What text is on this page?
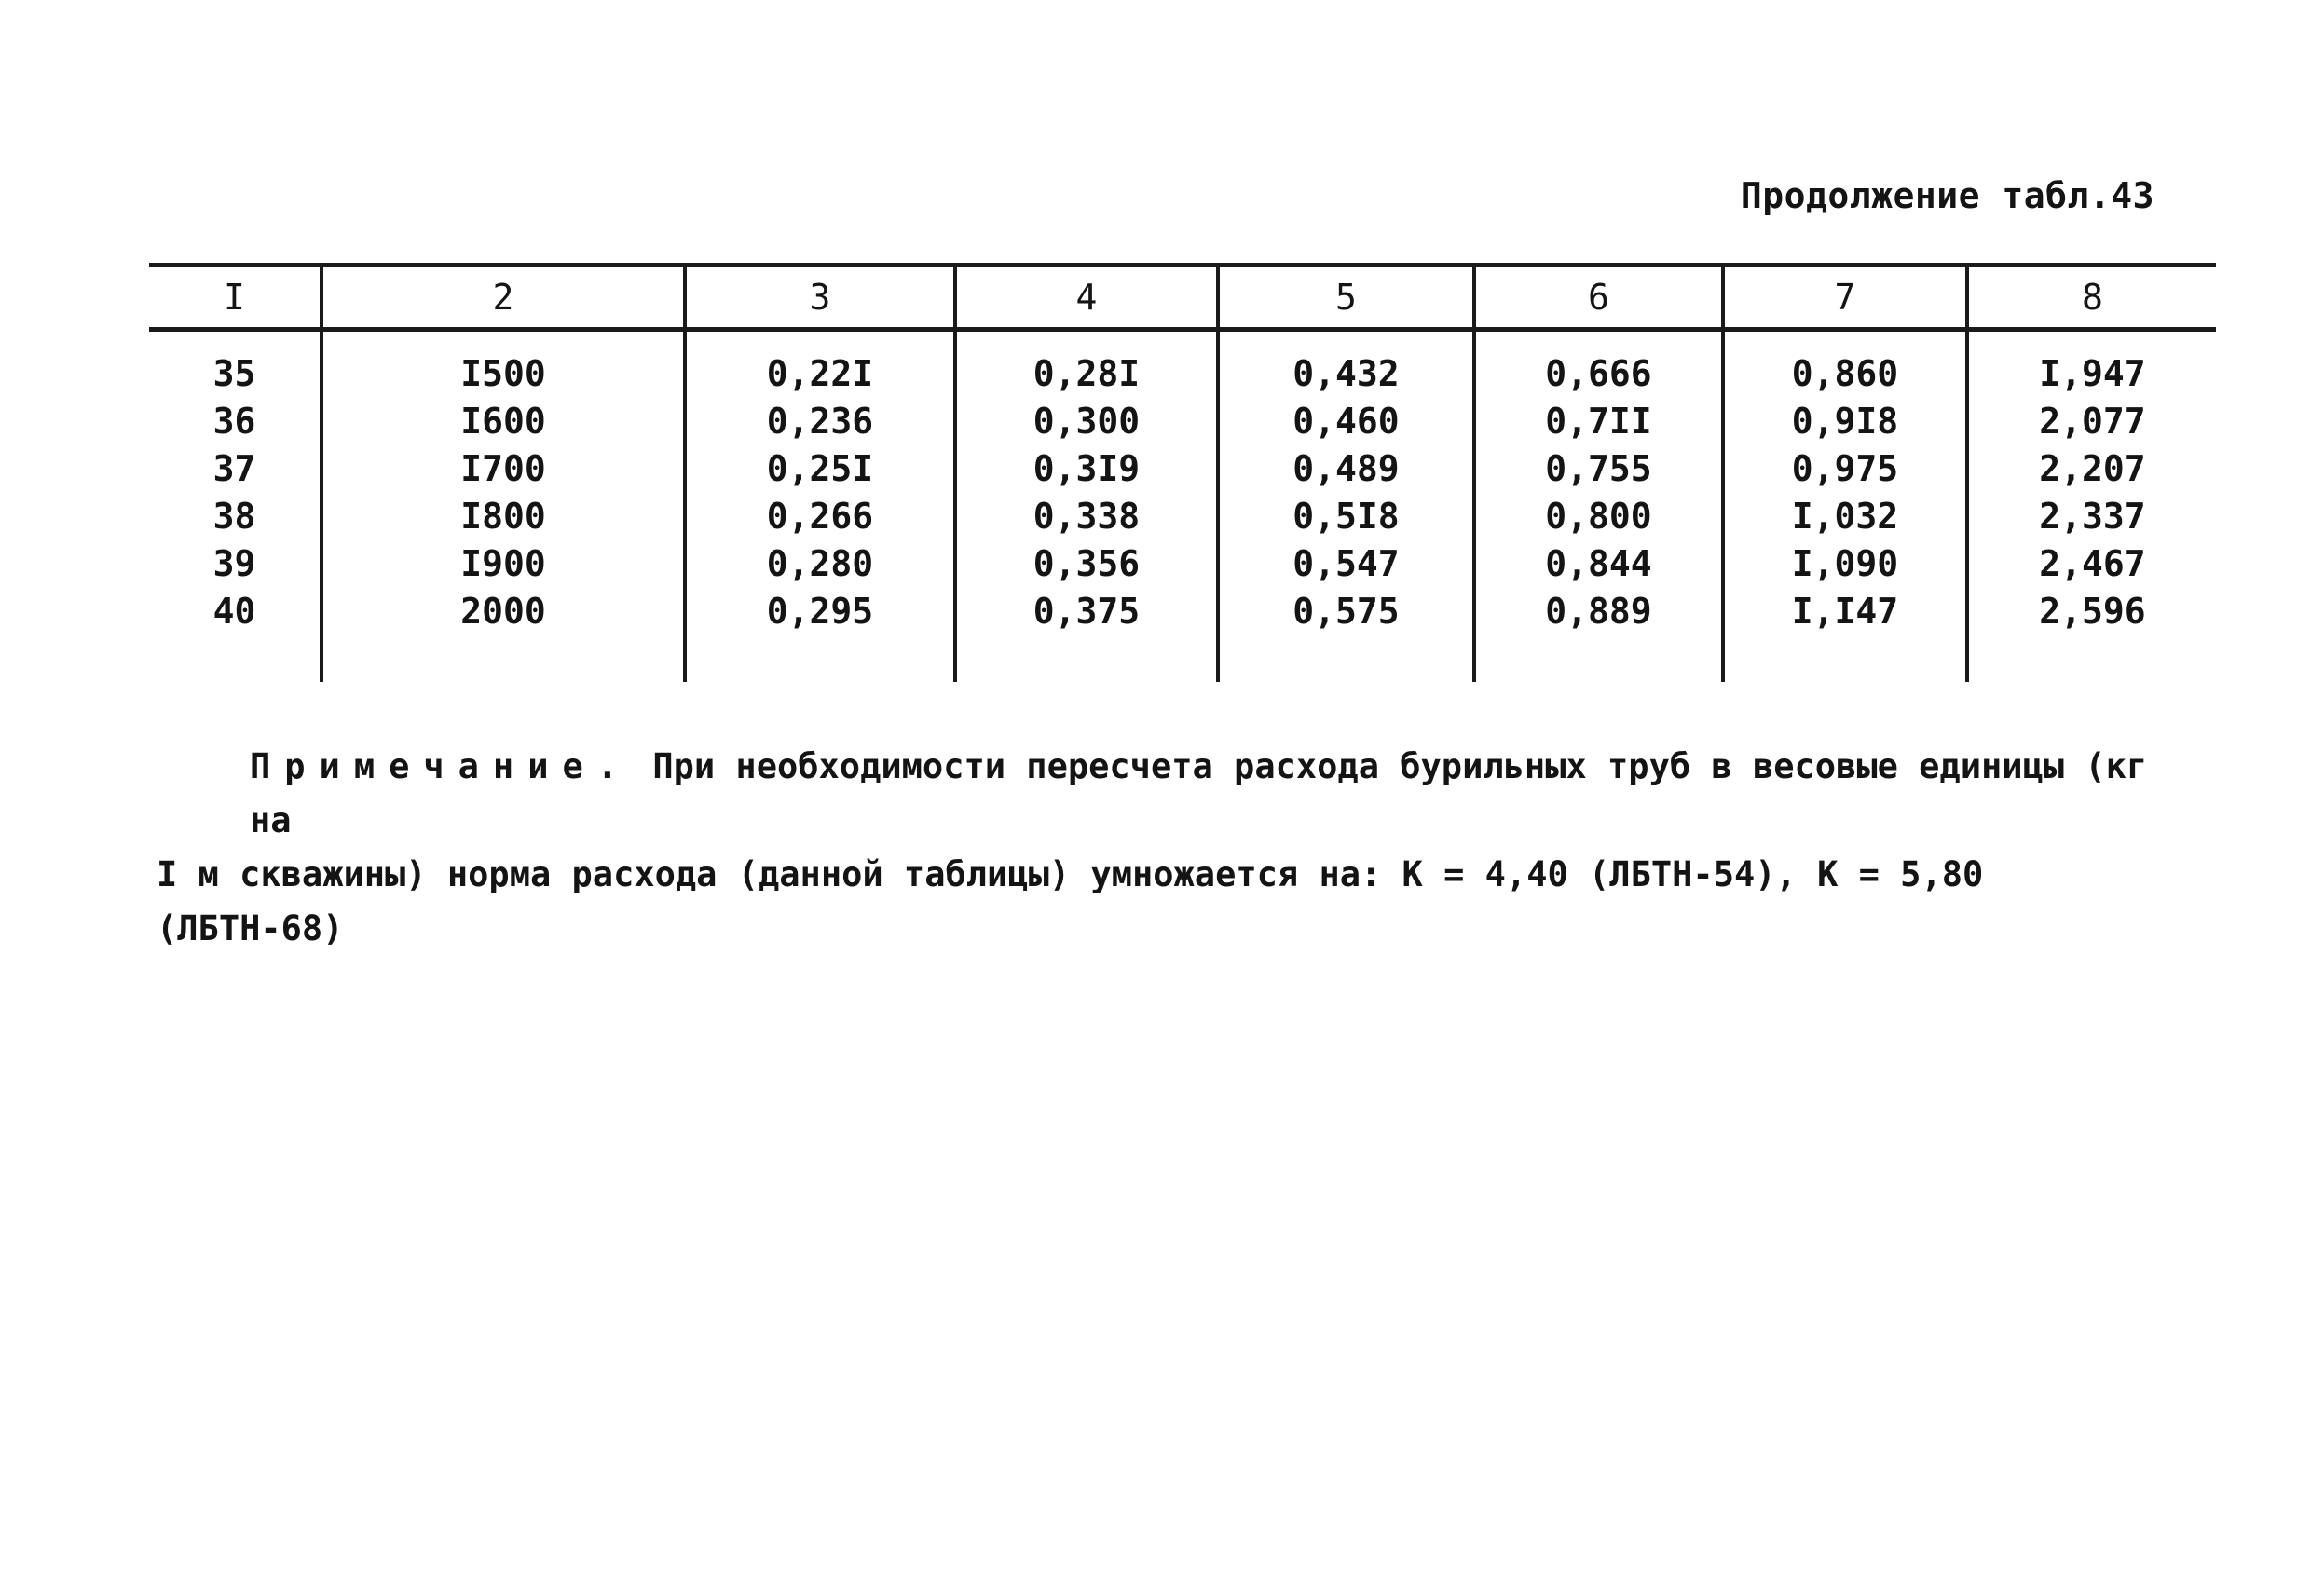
Продолжение табл.43
I	2	3	4	5	6	7	8
35	I500	0,22I	0,28I	0,432	0,666	0,860	I,947
36	I600	0,236	0,300	0,460	0,7II	0,9I8	2,077
37	I700	0,25I	0,3I9	0,489	0,755	0,975	2,207
38	I800	0,266	0,338	0,5I8	0,800	I,032	2,337
39	I900	0,280	0,356	0,547	0,844	I,090	2,467
40	2000	0,295	0,375	0,575	0,889	I,I47	2,596

Примечание. При необходимости пересчета расхода бурильных труб в весовые единицы (кг на
I м скважины) норма расхода (данной таблицы) умножается на: К = 4,40 (ЛБТН-54), К = 5,80 (ЛБТН-68)
